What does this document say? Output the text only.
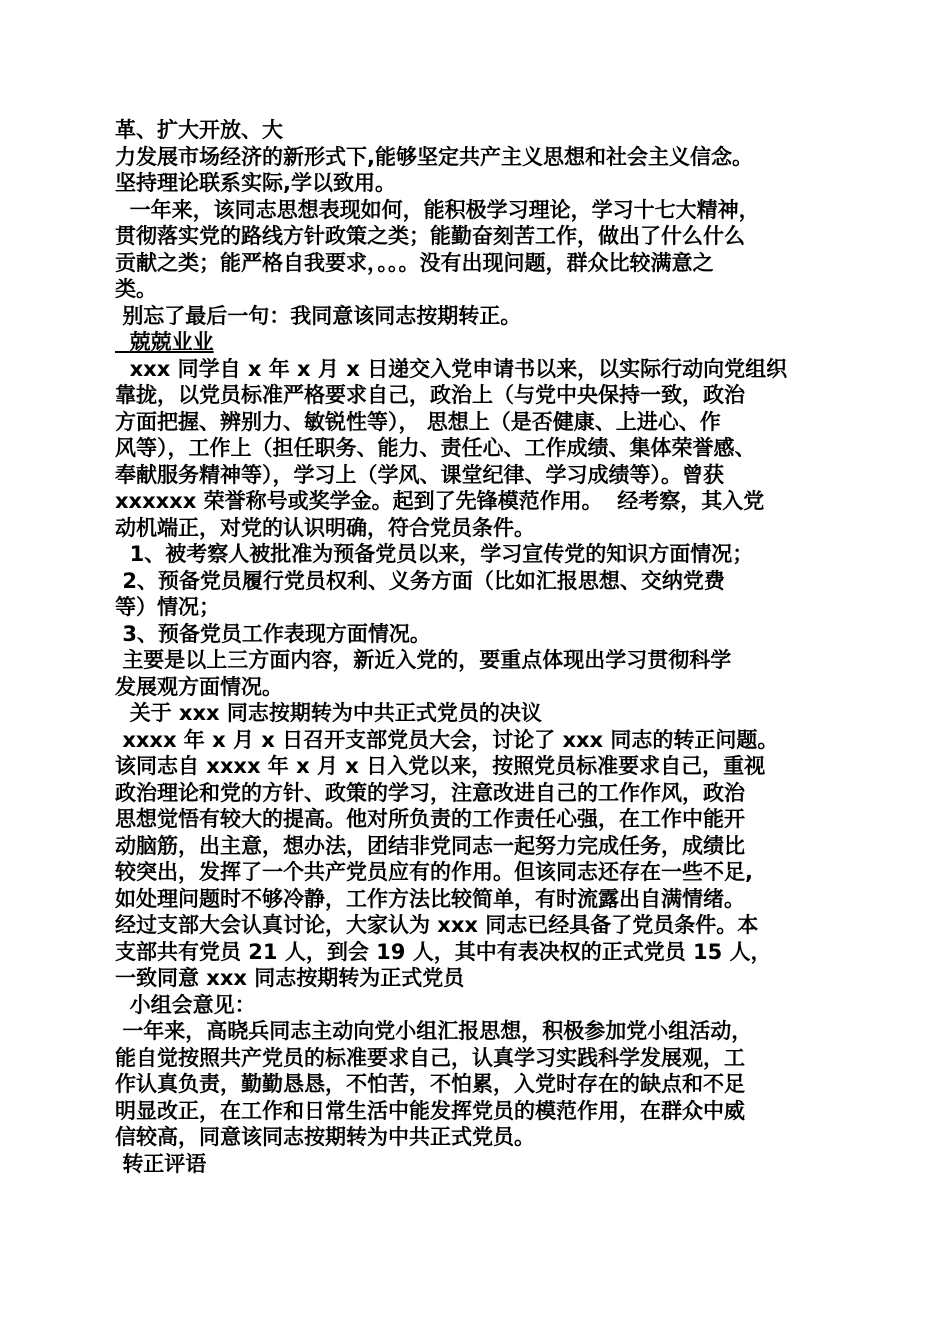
革、扩大开放、大

力发展市场经济的新形式下,能够坚定共产主义思想和社会主义信念。

坚持理论联系实际,学以致用。

一年来，该同志思想表现如何，能积极学习理论，学习十七大精神，

贯彻落实党的路线方针政策之类；能勤奋刻苦工作，做出了什么什么

贡献之类；能严格自我要求，。。。没有出现问题，群众比较满意之

类。

别忘了最后一句：我同意该同志按期转正。

兢兢业业

xxx 同学自 x 年 x 月 x 日递交入党申请书以来，以实际行动向党组织

靠拢，以党员标准严格要求自己，政治上（与党中央保持一致，政治

方面把握、辨别力、敏锐性等）， 思想上（是否健康、上进心、作

风等），工作上（担任职务、能力、责任心、工作成绩、集体荣誉感、

奉献服务精神等），学习上（学风、课堂纪律、学习成绩等）。曾获

xxxxxx 荣誉称号或奖学金。起到了先锋模范作用。  经考察，其入党

动机端正，对党的认识明确，符合党员条件。

1、被考察人被批准为预备党员以来，学习宣传党的知识方面情况；

2、预备党员履行党员权利、义务方面（比如汇报思想、交纳党费

等）情况；

3、预备党员工作表现方面情况。

主要是以上三方面内容，新近入党的，要重点体现出学习贯彻科学

发展观方面情况。

关于 xxx 同志按期转为中共正式党员的决议

xxxx 年 x 月 x 日召开支部党员大会，讨论了 xxx 同志的转正问题。

该同志自 xxxx 年 x 月 x 日入党以来，按照党员标准要求自己，重视

政治理论和党的方针、政策的学习，注意改进自己的工作作风，政治

思想觉悟有较大的提高。他对所负责的工作责任心强，在工作中能开

动脑筋，出主意，想办法，团结非党同志一起努力完成任务，成绩比

较突出，发挥了一个共产党员应有的作用。但该同志还存在一些不足,

如处理问题时不够冷静，工作方法比较简单，有时流露出自满情绪。

经过支部大会认真讨论，大家认为 xxx 同志已经具备了党员条件。本

支部共有党员 21 人，到会 19 人，其中有表决权的正式党员 15 人，

一致同意 xxx 同志按期转为正式党员

小组会意见：

一年来，高晓兵同志主动向党小组汇报思想，积极参加党小组活动，

能自觉按照共产党员的标准要求自己，认真学习实践科学发展观，工

作认真负责，勤勤恳恳，不怕苦，不怕累，入党时存在的缺点和不足

明显改正，在工作和日常生活中能发挥党员的模范作用，在群众中威

信较高，同意该同志按期转为中共正式党员。

转正评语
